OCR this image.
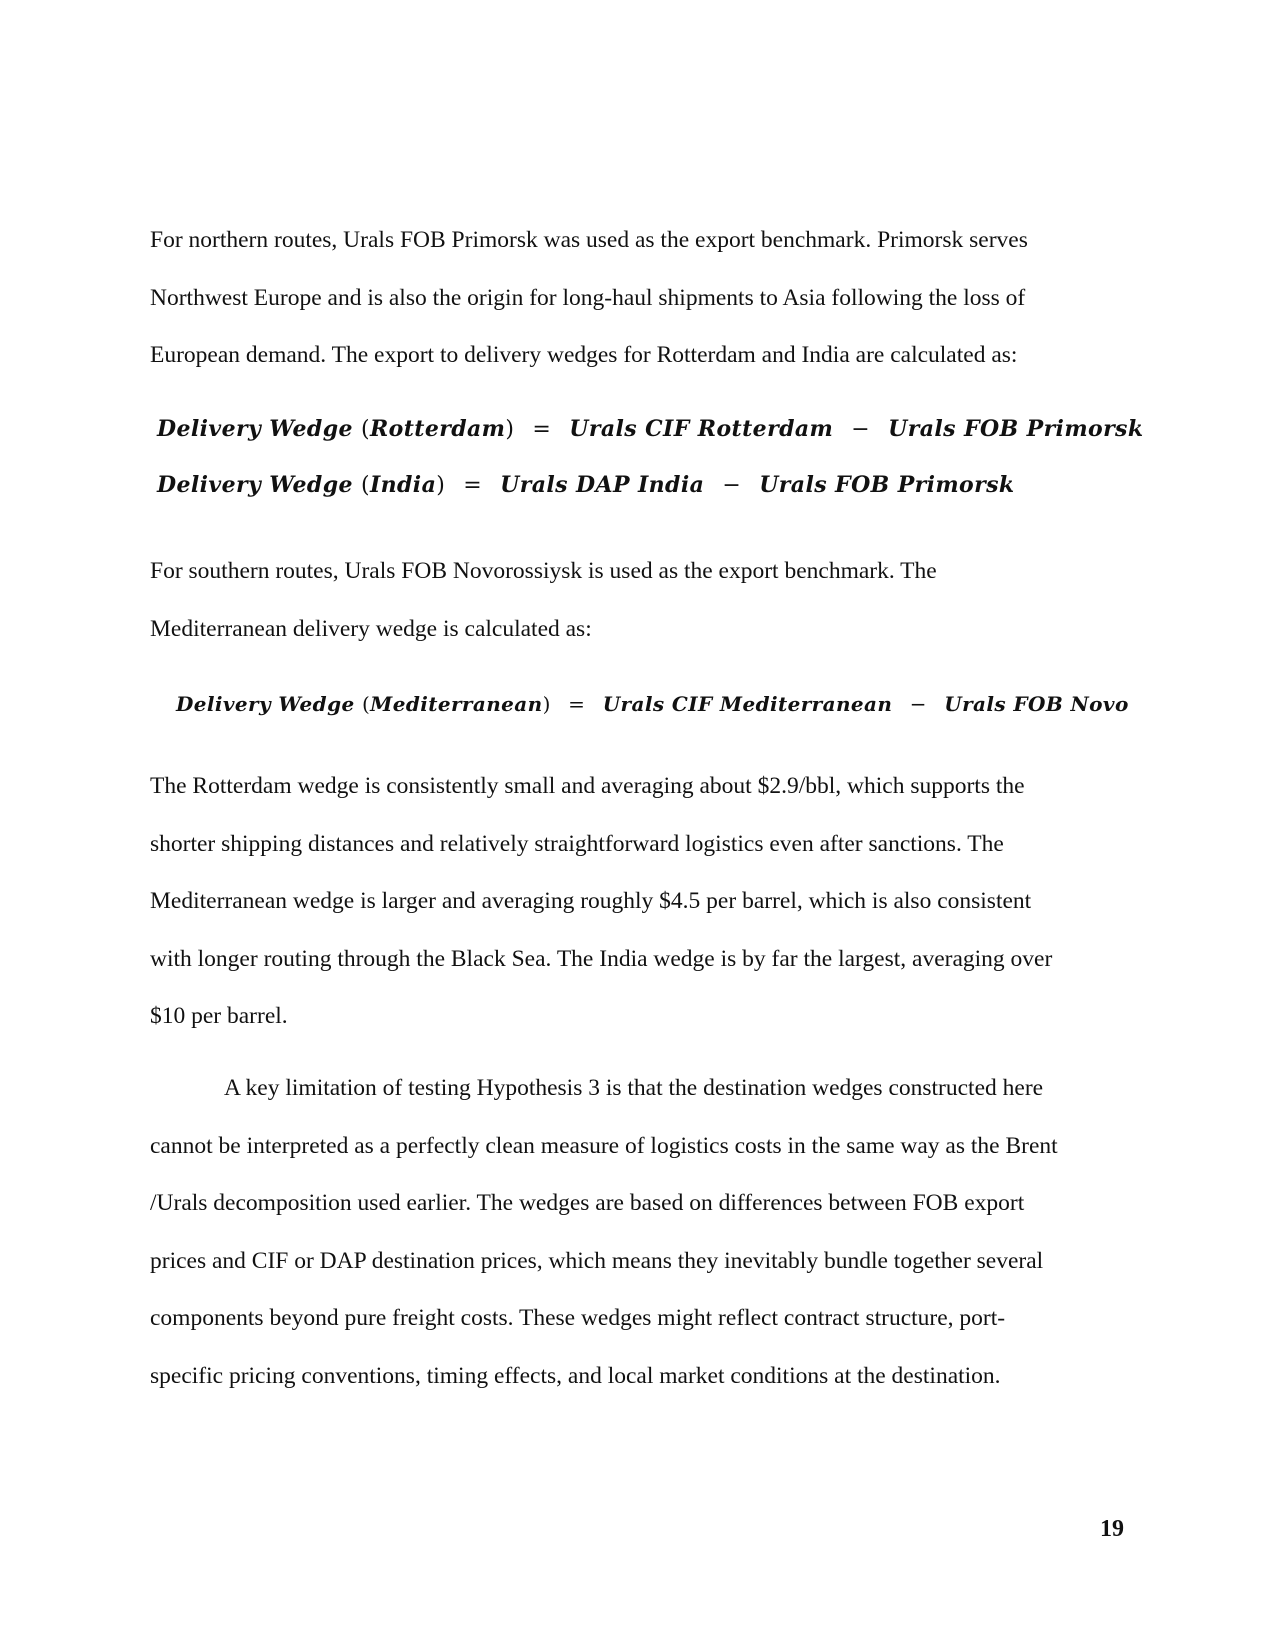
For northern routes, Urals FOB Primorsk was used as the export benchmark. Primorsk serves
Northwest Europe and is also the origin for long-haul shipments to Asia following the loss of
European demand. The export to delivery wedges for Rotterdam and India are calculated as:

Delivery Wedge (Rotterdam) = Urals CIF Rotterdam − Urals FOB Primorsk
Delivery Wedge (India) = Urals DAP India − Urals FOB Primorsk

For southern routes, Urals FOB Novorossiysk is used as the export benchmark. The
Mediterranean delivery wedge is calculated as:

Delivery Wedge (Mediterranean) = Urals CIF Mediterranean − Urals FOB Novo

The Rotterdam wedge is consistently small and averaging about $2.9/bbl, which supports the
shorter shipping distances and relatively straightforward logistics even after sanctions. The
Mediterranean wedge is larger and averaging roughly $4.5 per barrel, which is also consistent
with longer routing through the Black Sea. The India wedge is by far the largest, averaging over
$10 per barrel.

A key limitation of testing Hypothesis 3 is that the destination wedges constructed here
cannot be interpreted as a perfectly clean measure of logistics costs in the same way as the Brent
/Urals decomposition used earlier. The wedges are based on differences between FOB export
prices and CIF or DAP destination prices, which means they inevitably bundle together several
components beyond pure freight costs. These wedges might reflect contract structure, port-
specific pricing conventions, timing effects, and local market conditions at the destination.

19
